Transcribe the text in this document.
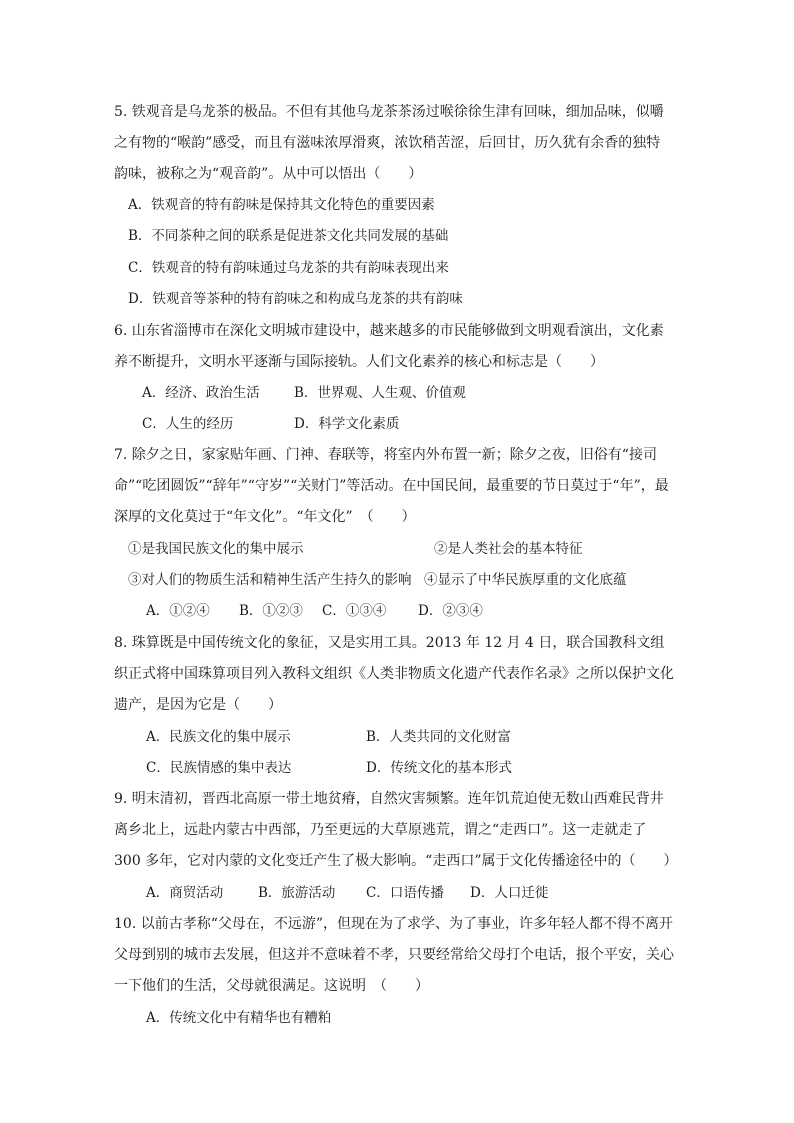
5. 铁观音是乌龙茶的极品。不但有其他乌龙茶茶汤过喉徐徐生津有回味，细加品味，似嚼之有物的“喉韵”感受，而且有滋味浓厚滑爽，浓饮稍苦涩，后回甘，历久犹有余香的独特韵味，被称之为“观音韵”。从中可以悟出（　　）

A．铁观音的特有韵味是保持其文化特色的重要因素

B．不同茶种之间的联系是促进茶文化共同发展的基础

C．铁观音的特有韵味通过乌龙茶的共有韵味表现出来

D．铁观音等茶种的特有韵味之和构成乌龙茶的共有韵味

6. 山东省淄博市在深化文明城市建设中，越来越多的市民能够做到文明观看演出，文化素养不断提升，文明水平逐渐与国际接轨。人们文化素养的核心和标志是（　　）

A．经济、政治生活	B．世界观、人生观、价值观

C．人生的经历	D．科学文化素质

7. 除夕之日，家家贴年画、门神、春联等，将室内外布置一新；除夕之夜，旧俗有“接司命”“吃团圆饭”“辞年”“守岁”“关财门”等活动。在中国民间，最重要的节日莫过于“年”，最深厚的文化莫过于“年文化”。“年文化”　（　　）

①是我国民族文化的集中展示	②是人类社会的基本特征

③对人们的物质生活和精神生活产生持久的影响 ④显示了中华民族厚重的文化底蕴

A．①②④ B．①②③ C．①③④ D．②③④

8. 珠算既是中国传统文化的象征，又是实用工具。2013 年 12 月 4 日，联合国教科文组织正式将中国珠算项目列入教科文组织《人类非物质文化遗产代表作名录》之所以保护文化遗产，是因为它是（　　）

A．民族文化的集中展示	B．人类共同的文化财富

C．民族情感的集中表达	D．传统文化的基本形式

9. 明末清初，晋西北高原一带土地贫瘠，自然灾害频繁。连年饥荒迫使无数山西难民背井离乡北上，远赴内蒙古中西部，乃至更远的大草原逃荒，谓之“走西口”。这一走就走了 300 多年，它对内蒙的文化变迁产生了极大影响。“走西口”属于文化传播途径中的（　　）

A．商贸活动	B．旅游活动 C．口语传播 D．人口迁徙

10. 以前古孝称“父母在，不远游”，但现在为了求学、为了事业，许多年轻人都不得不离开父母到别的城市去发展，但这并不意味着不孝，只要经常给父母打个电话，报个平安，关心一下他们的生活，父母就很满足。这说明　（　　）

A．传统文化中有精华也有糟粕
